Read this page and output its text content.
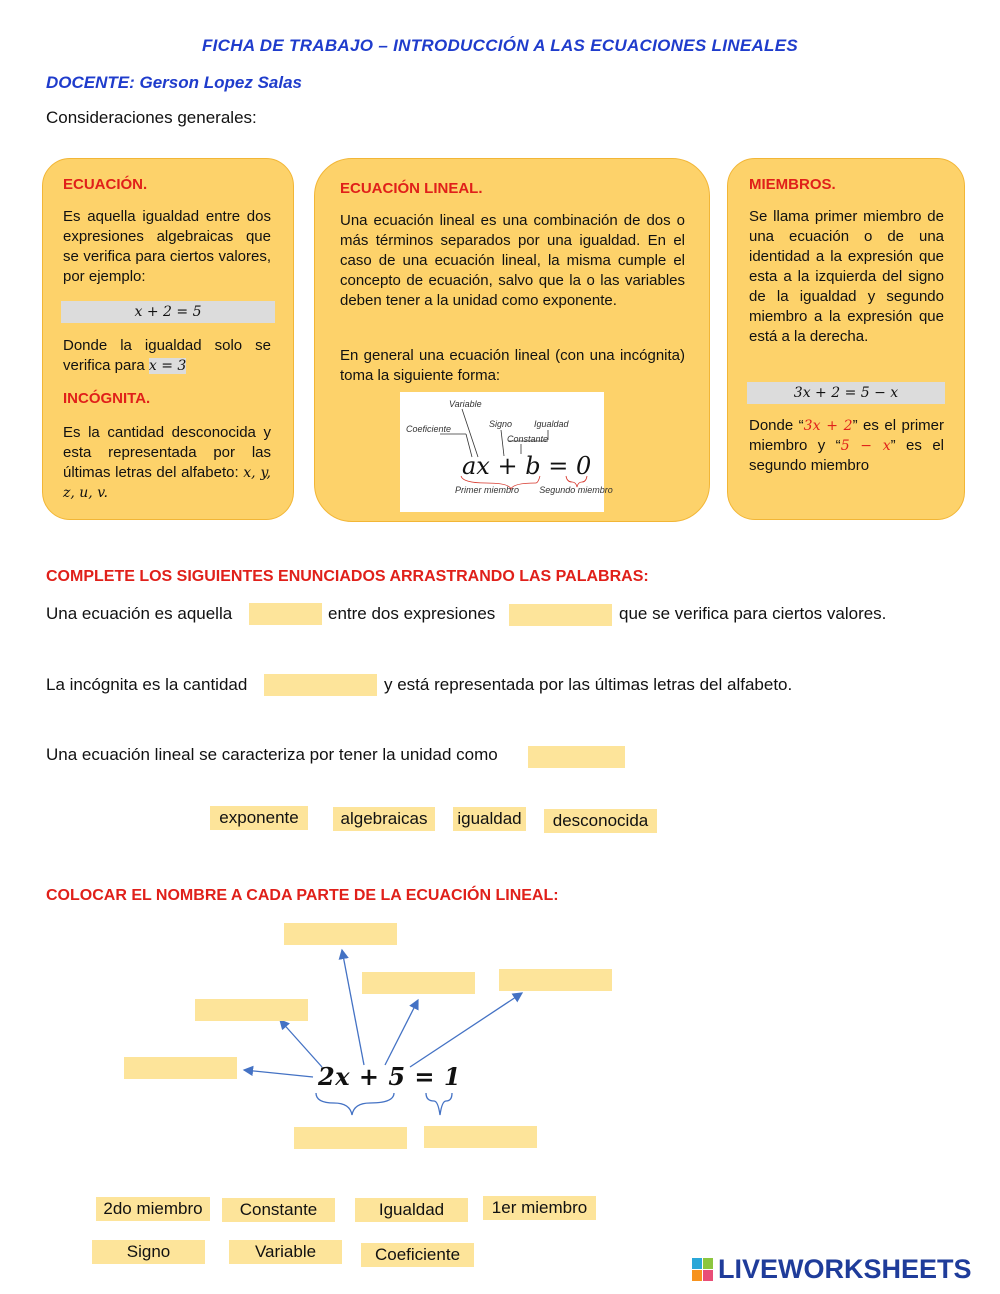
FICHA DE TRABAJO – INTRODUCCIÓN A LAS ECUACIONES LINEALES
DOCENTE: Gerson Lopez Salas
Consideraciones generales:
ECUACIÓN.
Es aquella igualdad entre dos expresiones algebraicas que se verifica para ciertos valores, por ejemplo:
x + 2 = 5
Donde la igualdad solo se verifica para x = 3
INCÓGNITA.
Es la cantidad desconocida y esta representada por las últimas letras del alfabeto: x, y, z, u, v.
ECUACIÓN LINEAL.
Una ecuación lineal es una combinación de dos o más términos separados por una igualdad. En el caso de una ecuación lineal, la misma cumple el concepto de ecuación, salvo que la o las variables deben tener a la unidad como exponente.
En general una ecuación lineal (con una incógnita) toma la siguiente forma:
Variable
Coeficiente	Signo Igualdad
Constante
ax + b = 0
Primer miembro Segundo miembro
MIEMBROS.
Se llama primer miembro de una ecuación o de una identidad a la expresión que esta a la izquierda del signo de la igualdad y segundo miembro a la expresión que está a la derecha.
3x + 2 = 5 − x
Donde “3x + 2” es el primer miembro y “5 − x” es el segundo miembro
COMPLETE LOS SIGUIENTES ENUNCIADOS ARRASTRANDO LAS PALABRAS:
Una ecuación es aquella	entre dos expresiones	que se verifica para ciertos valores.
La incógnita es la cantidad	y está representada por las últimas letras del alfabeto.
Una ecuación lineal se caracteriza por tener la unidad como
exponente	algebraicas	igualdad	desconocida
COLOCAR EL NOMBRE A CADA PARTE DE LA ECUACIÓN LINEAL:
2x + 5 = 1
2do miembro	Constante	Igualdad	1er miembro
Signo	Variable	Coeficiente	LIVEWORKSHEETS
